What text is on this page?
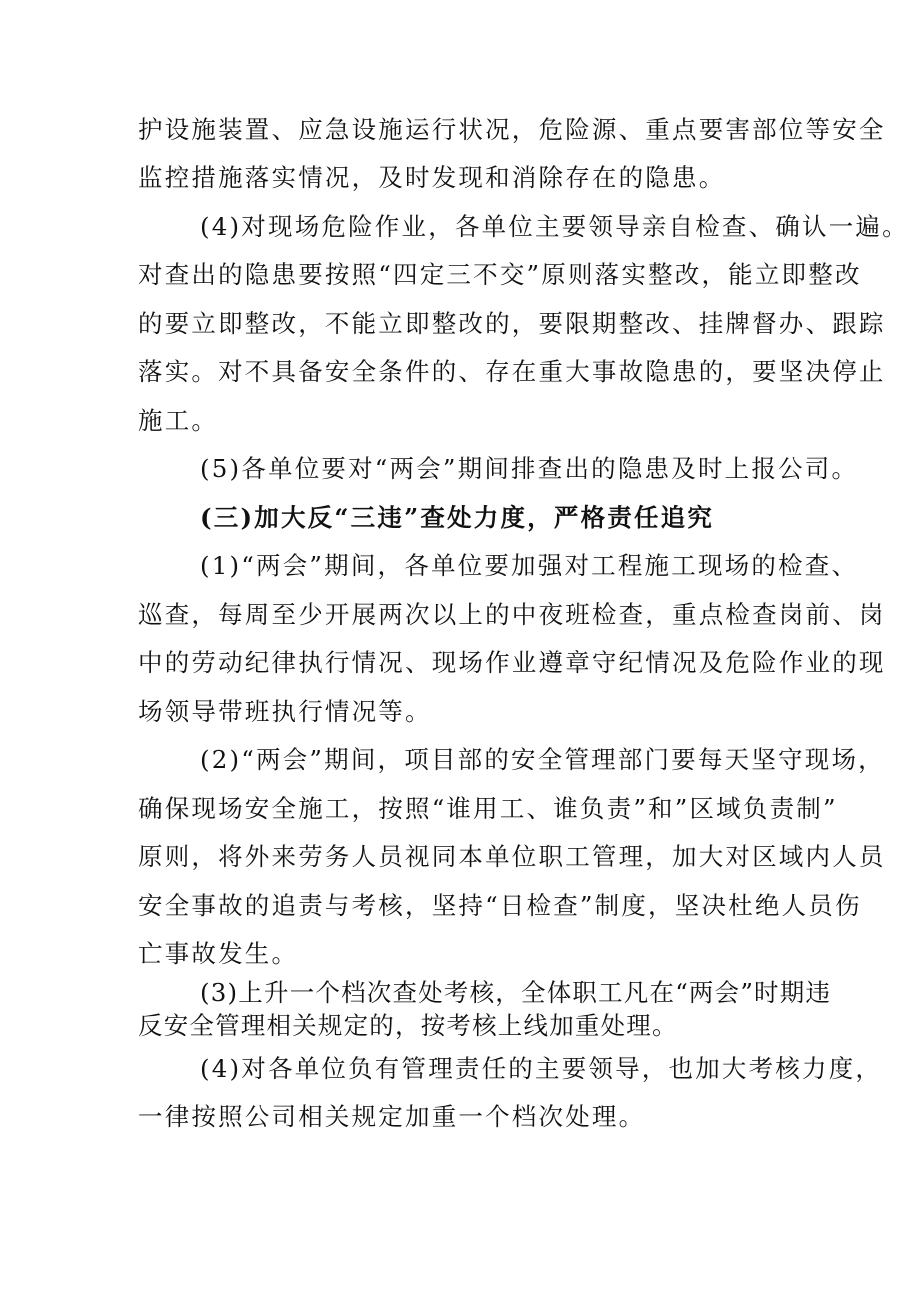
护设施装置、应急设施运行状况，危险源、重点要害部位等安全
监控措施落实情况，及时发现和消除存在的隐患。
(4)对现场危险作业，各单位主要领导亲自检查、确认一遍。
对查出的隐患要按照“四定三不交”原则落实整改，能立即整改
的要立即整改，不能立即整改的，要限期整改、挂牌督办、跟踪
落实。对不具备安全条件的、存在重大事故隐患的，要坚决停止
施工。
(5)各单位要对“两会”期间排查出的隐患及时上报公司。
(三)加大反“三违”查处力度，严格责任追究
(1)“两会”期间，各单位要加强对工程施工现场的检查、
巡查，每周至少开展两次以上的中夜班检查，重点检查岗前、岗
中的劳动纪律执行情况、现场作业遵章守纪情况及危险作业的现
场领导带班执行情况等。
(2)“两会”期间，项目部的安全管理部门要每天坚守现场，
确保现场安全施工，按照“谁用工、谁负责”和”区域负责制”
原则，将外来劳务人员视同本单位职工管理，加大对区域内人员
安全事故的追责与考核，坚持“日检查”制度，坚决杜绝人员伤
亡事故发生。
(3)上升一个档次查处考核，全体职工凡在“两会”时期违
反安全管理相关规定的，按考核上线加重处理。
(4)对各单位负有管理责任的主要领导，也加大考核力度，
一律按照公司相关规定加重一个档次处理。
